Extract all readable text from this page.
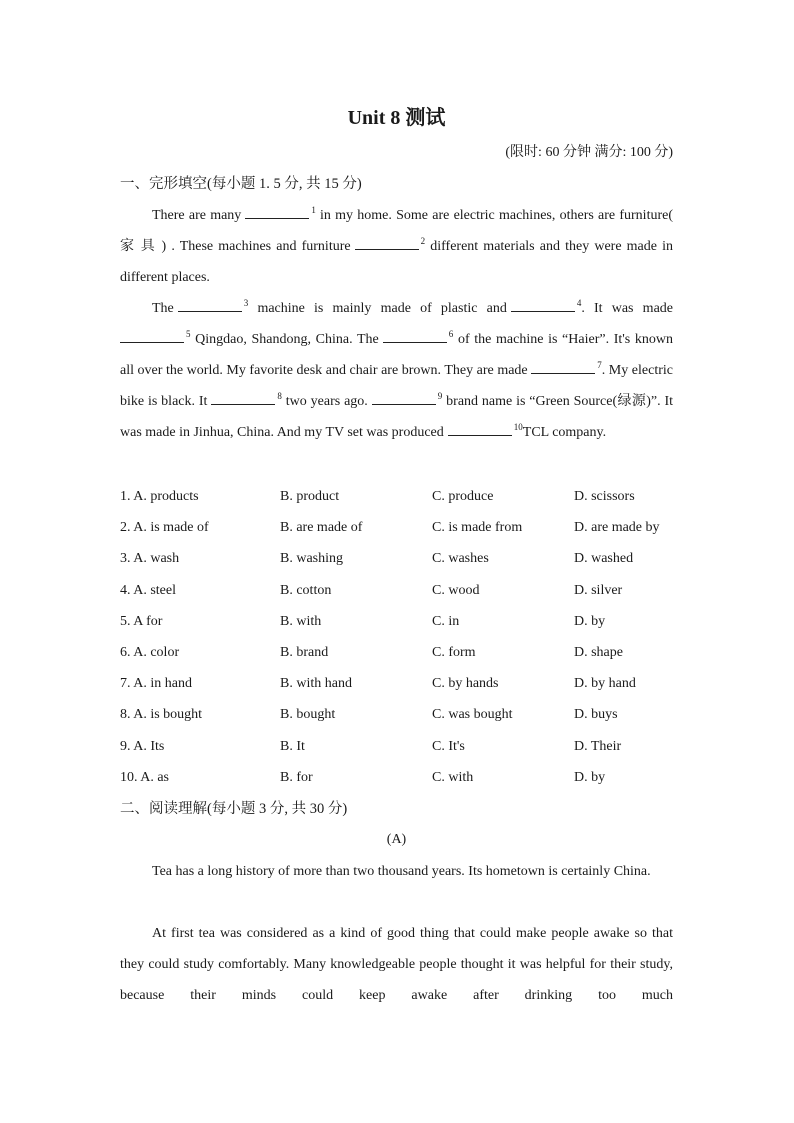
Unit 8 测试
(限时: 60 分钟 满分: 100 分)
一、完形填空(每小题 1. 5 分, 共 15 分)
There are many	$^1$ in my home. Some are electric machines, others are furniture( 家 具 ) . These machines and furniture	$^2$ different materials and they were made in different places.
The	$^3$ machine is mainly made of plastic and	$^4$. It was made $^5$ Qingdao, Shandong, China. The	$^6$ of the machine is “Haier”. It's known all over the world. My favorite desk and chair are brown. They are made	$^7$. My electric bike is black. It	$^8$ two years ago.	$^9$ brand name is “Green Source(绿源)”. It was made in Jinhua, China. And my TV set was produced	$^{10}$TCL company.
1. A. products	B. product	C. produce	D. scissors
2. A. is made of	B. are made of	C. is made from	D. are made by
3. A. wash	B. washing	C. washes	D. washed
4. A. steel	B. cotton	C. wood	D. silver
5. A for	B. with	C. in	D. by
6. A. color	B. brand	C. form	D. shape
7. A. in hand	B. with hand	C. by hands	D. by hand
8. A. is bought	B. bought	C. was bought	D. buys
9. A. Its	B. It	C. It's	D. Their
10. A. as	B. for	C. with	D. by
二、阅读理解(每小题 3 分, 共 30 分)
(A)
Tea has a long history of more than two thousand years. Its hometown is certainly China.
At first tea was considered as a kind of good thing that could make people awake so that they could study comfortably. Many knowledgeable people thought it was helpful for their study, because their minds could keep awake after drinking too much
